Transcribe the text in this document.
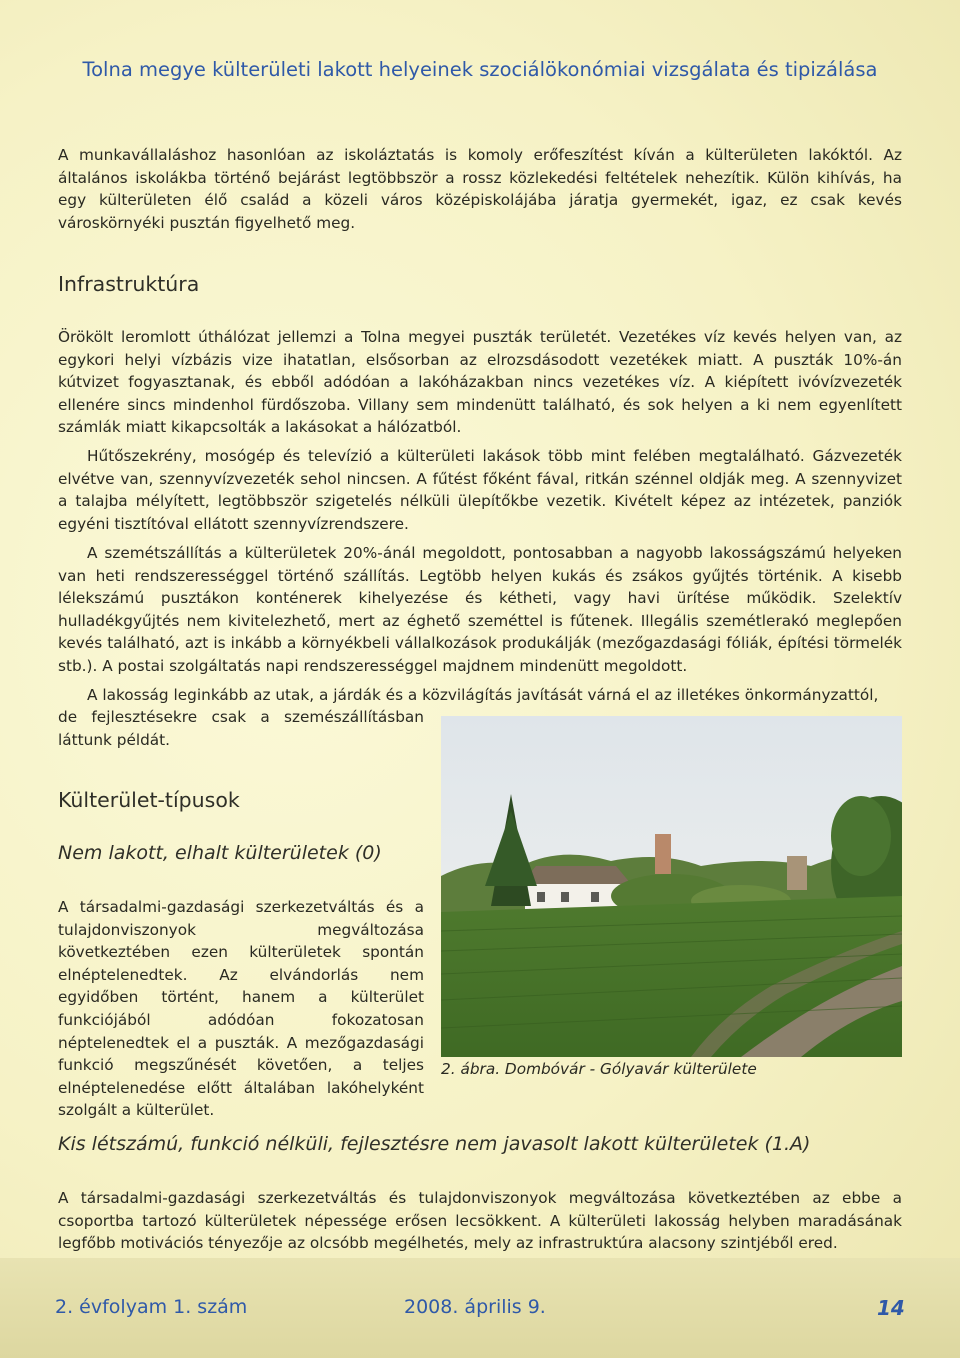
Tolna megye külterületi lakott helyeinek szociálökonómiai vizsgálata és tipizálása

A munkavállaláshoz hasonlóan az iskoláztatás is komoly erőfeszítést kíván a külterületen lakóktól. Az általános iskolákba történő bejárást legtöbbször a rossz közlekedési feltételek nehezítik. Külön kihívás, ha egy külterületen élő család a közeli város középiskolájába járatja gyermekét, igaz, ez csak kevés városkörnyéki pusztán figyelhető meg.

Infrastruktúra

Örökölt leromlott úthálózat jellemzi a Tolna megyei puszták területét. Vezetékes víz kevés helyen van, az egykori helyi vízbázis vize ihatatlan, elsősorban az elrozsdásodott vezetékek miatt. A puszták 10%-án kútvizet fogyasztanak, és ebből adódóan a lakóházakban nincs vezetékes víz. A kiépített ivóvízvezeték ellenére sincs mindenhol fürdőszoba. Villany sem mindenütt található, és sok helyen a ki nem egyenlített számlák miatt kikapcsolták a lakásokat a hálózatból.

Hűtőszekrény, mosógép és televízió a külterületi lakások több mint felében megtalálható. Gázvezeték elvétve van, szennyvízvezeték sehol nincsen. A fűtést főként fával, ritkán szénnel oldják meg. A szennyvizet a talajba mélyített, legtöbbször szigetelés nélküli ülepítőkbe vezetik. Kivételt képez az intézetek, panziók egyéni tisztítóval ellátott szennyvízrendszere.

A szemétszállítás a külterületek 20%-ánál megoldott, pontosabban a nagyobb lakosságszámú helyeken van heti rendszerességgel történő szállítás. Legtöbb helyen kukás és zsákos gyűjtés történik. A kisebb lélekszámú pusztákon konténerek kihelyezése és kétheti, vagy havi ürítése működik. Szelektív hulladékgyűjtés nem kivitelezhető, mert az éghető szeméttel is fűtenek. Illegális szemétlerakó meglepően kevés található, azt is inkább a környékbeli vállalkozások produkálják (mezőgazdasági fóliák, építési törmelék stb.). A postai szolgáltatás napi rendszerességgel majdnem mindenütt megoldott.

A lakosság leginkább az utak, a járdák és a közvilágítás javítását várná el az illetékes önkormányzattól,

de fejlesztésekre csak a szemészállításban láttunk példát.

Külterület-típusok
Nem lakott, elhalt külterületek (0)

A társadalmi-gazdasági szerkezetváltás és a tulajdonviszonyok megváltozása következtében ezen külterületek spontán elnéptelenedtek. Az elvándorlás nem egyidőben történt, hanem a külterület funkciójából adódóan fokozatosan néptelenedtek el a puszták. A mezőgazdasági funkció megszűnését követően, a teljes elnéptelenedése előtt általában lakóhelyként szolgált a külterület.

2. ábra. Dombóvár - Gólyavár külterülete
Kis létszámú, funkció nélküli, fejlesztésre nem javasolt lakott külterületek (1.A)

A társadalmi-gazdasági szerkezetváltás és tulajdonviszonyok megváltozása következtében az ebbe a csoportba tartozó külterületek népessége erősen lecsökkent. A külterületi lakosság helyben maradásának legfőbb motivációs tényezője az olcsóbb megélhetés, mely az infrastruktúra alacsony szintjéből ered.

2. évfolyam 1. szám	2008. április 9.	14
